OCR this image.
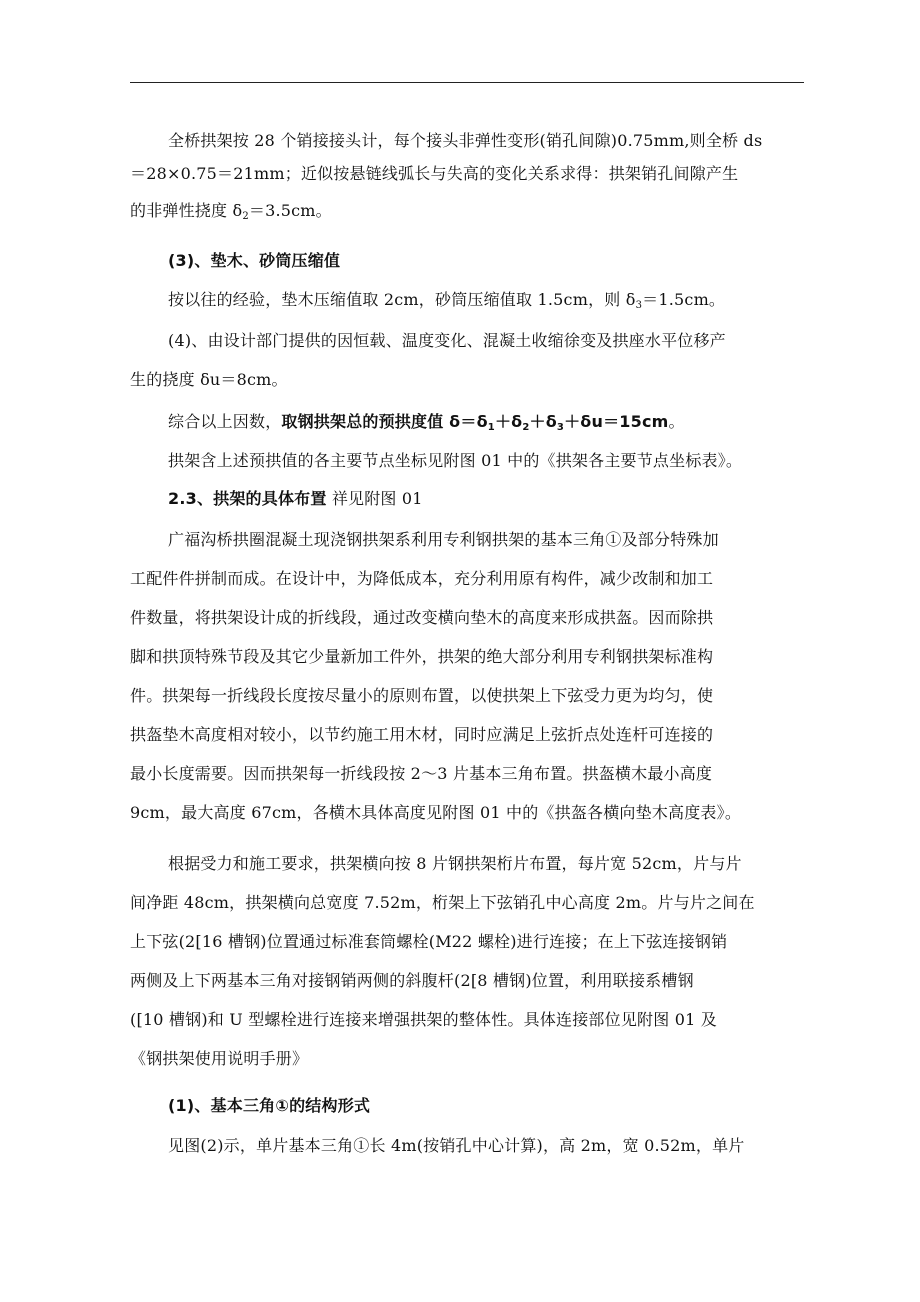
全桥拱架按 28 个销接接头计，每个接头非弹性变形(销孔间隙)0.75mm,则全桥 ds
＝28×0.75＝21mm；近似按悬链线弧长与失高的变化关系求得：拱架销孔间隙产生
的非弹性挠度 $\delta_2=3.5cm$。
(3)、垫木、砂筒压缩值
按以往的经验，垫木压缩值取 2cm，砂筒压缩值取 1.5cm，则 $\delta_3=1.5cm$。
(4)、由设计部门提供的因恒载、温度变化、混凝土收缩徐变及拱座水平位移产
生的挠度 δu＝8cm。
综合以上因数，取钢拱架总的预拱度值 $\delta=\delta_1+\delta_2+\delta_3+\delta u=15cm$。
拱架含上述预拱值的各主要节点坐标见附图 01 中的《拱架各主要节点坐标表》。
2.3、拱架的具体布置 祥见附图 01
广福沟桥拱圈混凝土现浇钢拱架系利用专利钢拱架的基本三角①及部分特殊加
工配件件拼制而成。在设计中，为降低成本，充分利用原有构件，减少改制和加工
件数量，将拱架设计成的折线段，通过改变横向垫木的高度来形成拱盔。因而除拱
脚和拱顶特殊节段及其它少量新加工件外，拱架的绝大部分利用专利钢拱架标准构
件。拱架每一折线段长度按尽量小的原则布置，以使拱架上下弦受力更为均匀，使
拱盔垫木高度相对较小，以节约施工用木材，同时应满足上弦折点处连杆可连接的
最小长度需要。因而拱架每一折线段按 2～3 片基本三角布置。拱盔横木最小高度
9cm，最大高度 67cm，各横木具体高度见附图 01 中的《拱盔各横向垫木高度表》。
根据受力和施工要求，拱架横向按 8 片钢拱架桁片布置，每片宽 52cm，片与片
间净距 48cm，拱架横向总宽度 7.52m，桁架上下弦销孔中心高度 2m。片与片之间在
上下弦(2[16 槽钢)位置通过标准套筒螺栓(M22 螺栓)进行连接；在上下弦连接钢销
两侧及上下两基本三角对接钢销两侧的斜腹杆(2[8 槽钢)位置，利用联接系槽钢
([10 槽钢)和 U 型螺栓进行连接来增强拱架的整体性。具体连接部位见附图 01 及
《钢拱架使用说明手册》
(1)、基本三角①的结构形式
见图(2)示，单片基本三角①长 4m(按销孔中心计算)，高 2m，宽 0.52m，单片
